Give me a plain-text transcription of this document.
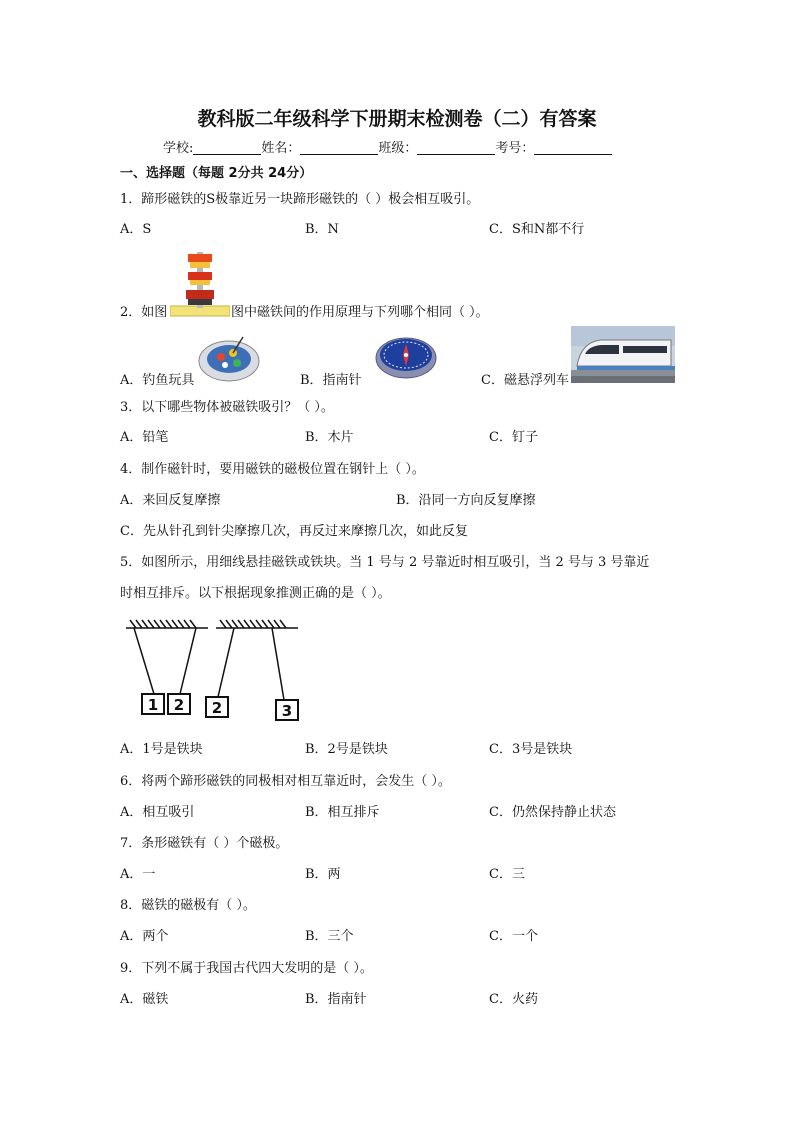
教科版二年级科学下册期末检测卷（二）有答案
学校:	姓名：	班级：	考号：
一、选择题（每题 2分共 24分）
1．蹄形磁铁的S极靠近另一块蹄形磁铁的（ ）极会相互吸引。
A．S	B．N	C．S和N都不行
2．如图	图中磁铁间的作用原理与下列哪个相同（ ）。
A．钓鱼玩具	B．指南针	C．磁悬浮列车
3．以下哪些物体被磁铁吸引？（ ）。
A．铅笔	B．木片	C．钉子
4．制作磁针时，要用磁铁的磁极位置在钢针上（ ）。
A．来回反复摩擦	B．沿同一方向反复摩擦
C．先从针孔到针尖摩擦几次，再反过来摩擦几次，如此反复
5．如图所示，用细线悬挂磁铁或铁块。当 1 号与 2 号靠近时相互吸引，当 2 号与 3 号靠近
时相互排斥。以下根据现象推测正确的是（ ）。
1 2 2	3
A．1号是铁块	B．2号是铁块	C．3号是铁块
6．将两个蹄形磁铁的同极相对相互靠近时，会发生（ ）。
A．相互吸引	B．相互排斥	C．仍然保持静止状态
7．条形磁铁有（ ）个磁极。
A．一	B．两	C．三
8．磁铁的磁极有（ ）。
A．两个	B．三个	C．一个
9．下列不属于我国古代四大发明的是（ ）。
A．磁铁	B．指南针	C．火药
